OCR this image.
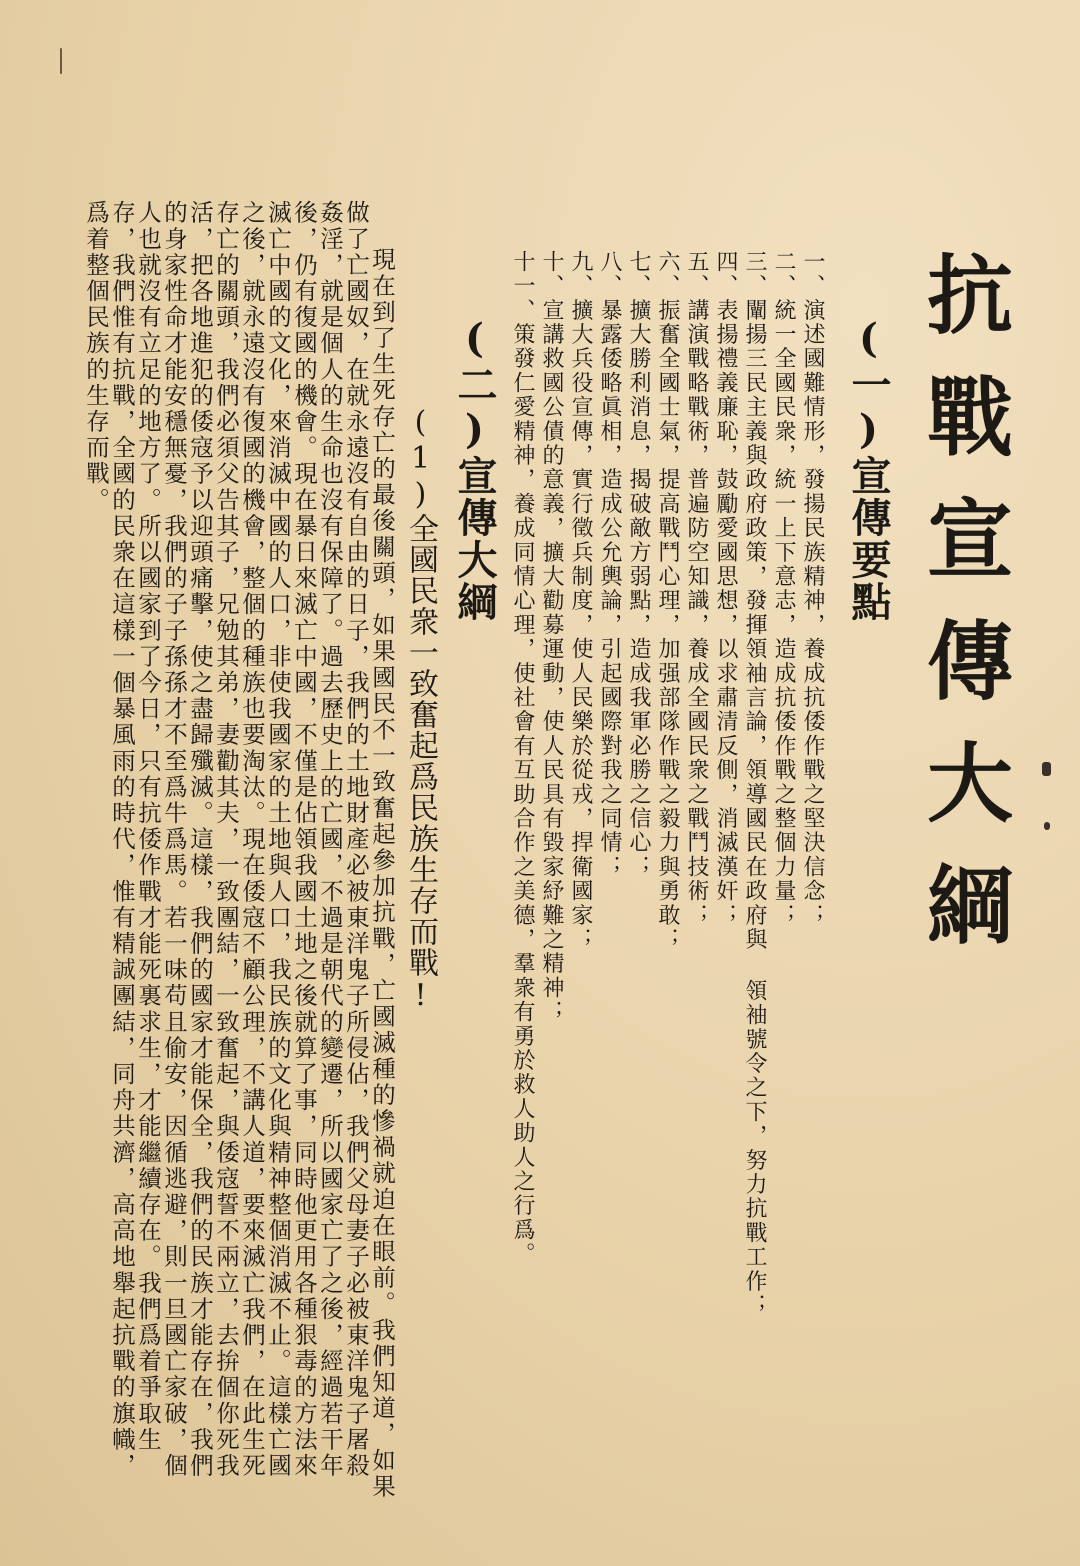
抗戰宣傳大綱
(一)宣傳要點
一、演述國難情形，發揚民族精神，養成抗倭作戰之堅決信念；
二、統一全國民衆，統一上下意志，造成抗倭作戰之整個力量；
三、闡揚三民主義與政府政策，發揮領袖言論，領導國民在政府與 領袖號令之下，努力抗戰工作；
四、表揚禮義廉恥，鼓勵愛國思想，以求肅清反側，消滅漢奸；
五、講演戰略戰術，普遍防空知識，養成全國民衆之戰鬥技術；
六、振奮全國士氣，提高戰鬥心理，加强部隊作戰之毅力與勇敢；
七、擴大勝利消息，揭破敵方弱點，造成我軍必勝之信心；
八、暴露倭略眞相，造成公允輿論，引起國際對我之同情；
九、擴大兵役宣傳，實行徵兵制度，使人民樂於從戎，捍衛國家；
十、宣講救國公債的意義，擴大勸募運動，使人民具有毀家紓難之精神；
十一、策發仁愛精神，養成同情心理，使社會有互助合作之美德，羣衆有勇於救人助人之行爲。
(二)宣傳大綱
(1)全國民衆一致奮起爲民族生存而戰!
現在到了生死存亡的最後關頭，如果國民不一致奮起參加抗戰，亡國滅種的慘禍就迫在眼前。我們知道，如果做了亡國奴，在就永遠沒有自由的日子，我們的土地財產必被東洋鬼子所侵佔，我們父母妻子必被東洋鬼子屠殺姦淫，就是個人的生命也沒有保障了。過去歷史上的亡國，不過是朝代的變遷，所以國家亡了之後，經過若干年後，仍有復國的機會。現在暴日來滅亡中國，不僅是佔領我國土地之後就算了事，同時他更用各種狠毒的方法來滅亡中國的文化，來消滅中國的人口，非使我國家的土地與人口，我民族的文化與精神整個消滅不止。這樣亡國之後，就永遠沒有復國的機會，整個的種族也要淘汰。現在倭寇不顧公理，不講人道，要來滅亡我們，在此生死存亡的關頭，我們必須父告其子，兄勉其弟，妻勸其夫，一致團結，一致奮起，與倭寇誓不兩立，去拚個你死我活，把各地進犯的倭寇予以迎頭痛擊，使之盡歸殲滅。這樣，我們的國家才能保全，我們的民族才能存在，我們的身家性命才能安穩無憂，我們的子子孫孫才不至爲牛爲馬。若一味苟且偷安，因循逃避，則一旦國亡家破，個人也就沒有立足的地方了。所以國家到了今日，只有抗倭作戰才能死裏求生，才能繼續存在。我們爲着爭取生存，我們惟有抗戰，全國的民衆在這樣一個暴風雨的時代，惟有精誠團結，同舟共濟，高高地舉起抗戰的旗幟，爲着整個民族的生存而戰。
